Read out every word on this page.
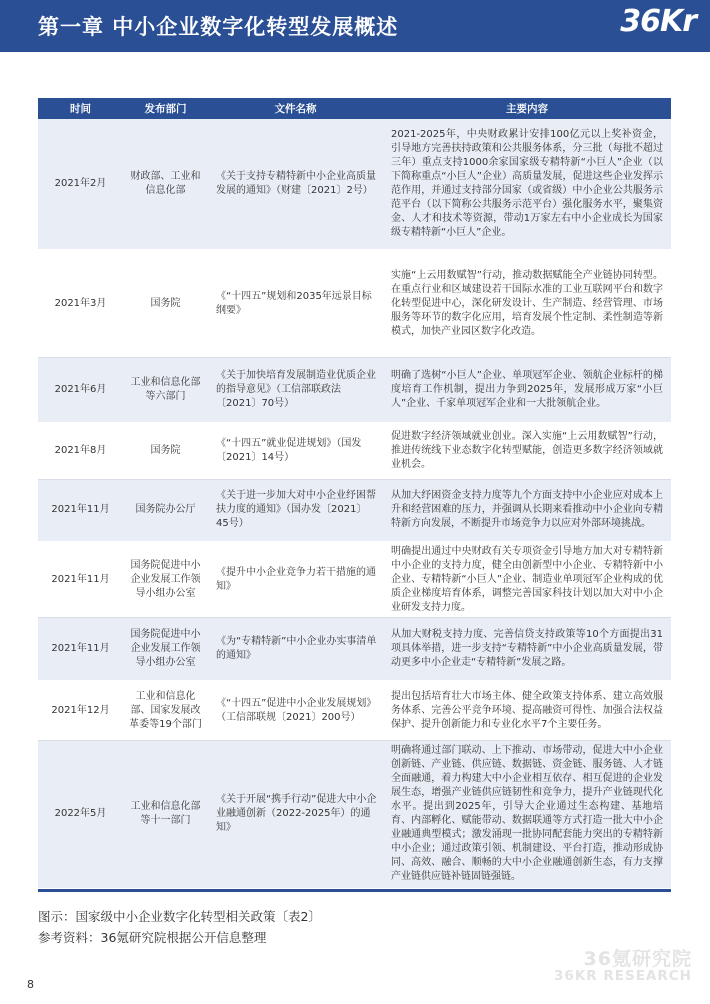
第一章 中小企业数字化转型发展概述	36Kr
时间	发布部门	文件名称	主要内容
2021年2月	财政部、工业和信息化部	《关于支持专精特新中小企业高质量发展的通知》（财建〔2021〕2号）	2021-2025年，中央财政累计安排100亿元以上奖补资金，引导地方完善扶持政策和公共服务体系，分三批（每批不超过三年）重点支持1000余家国家级专精特新“小巨人”企业（以下简称重点“小巨人”企业）高质量发展，促进这些企业发挥示范作用，并通过支持部分国家（或省级）中小企业公共服务示范平台（以下简称公共服务示范平台）强化服务水平，聚集资金、人才和技术等资源，带动1万家左右中小企业成长为国家级专精特新“小巨人”企业。
2021年3月	国务院	《“十四五”规划和2035年远景目标纲要》	实施“上云用数赋智”行动，推动数据赋能全产业链协同转型。在重点行业和区域建设若干国际水准的工业互联网平台和数字化转型促进中心，深化研发设计、生产制造、经营管理、市场服务等环节的数字化应用，培育发展个性定制、柔性制造等新模式，加快产业园区数字化改造。
2021年6月	工业和信息化部等六部门	《关于加快培育发展制造业优质企业的指导意见》（工信部联政法〔2021〕70号）	明确了选树“小巨人”企业、单项冠军企业、领航企业标杆的梯度培育工作机制，提出力争到2025年，发展形成万家“小巨人”企业、千家单项冠军企业和一大批领航企业。
2021年8月	国务院	《“十四五”就业促进规划》（国发〔2021〕14号）	促进数字经济领域就业创业。深入实施“上云用数赋智”行动，推进传统线下业态数字化转型赋能，创造更多数字经济领域就业机会。
2021年11月	国务院办公厅	《关于进一步加大对中小企业纾困帮扶力度的通知》（国办发〔2021〕45号）	从加大纾困资金支持力度等九个方面支持中小企业应对成本上升和经营困难的压力，并强调从长期来看推动中小企业向专精特新方向发展，不断提升市场竞争力以应对外部环境挑战。
2021年11月	国务院促进中小企业发展工作领导小组办公室	《提升中小企业竞争力若干措施的通知》	明确提出通过中央财政有关专项资金引导地方加大对专精特新中小企业的支持力度，健全由创新型中小企业、专精特新中小企业、专精特新“小巨人”企业、制造业单项冠军企业构成的优质企业梯度培育体系，调整完善国家科技计划以加大对中小企业研发支持力度。
2021年11月	国务院促进中小企业发展工作领导小组办公室	《为“专精特新”中小企业办实事清单的通知》	从加大财税支持力度、完善信贷支持政策等10个方面提出31项具体举措，进一步支持“专精特新”中小企业高质量发展，带动更多中小企业走“专精特新”发展之路。
2021年12月	工业和信息化部、国家发展改革委等19个部门	《“十四五”促进中小企业发展规划》（工信部联规〔2021〕200号）	提出包括培育壮大市场主体、健全政策支持体系、建立高效服务体系、完善公平竞争环境、提高融资可得性、加强合法权益保护、提升创新能力和专业化水平7个主要任务。
2022年5月	工业和信息化部等十一部门	《关于开展“携手行动”促进大中小企业融通创新（2022-2025年）的通知》	明确将通过部门联动、上下推动、市场带动，促进大中小企业创新链、产业链、供应链、数据链、资金链、服务链、人才链全面融通，着力构建大中小企业相互依存、相互促进的企业发展生态，增强产业链供应链韧性和竞争力，提升产业链现代化水平。提出到2025年，引导大企业通过生态构建、基地培育、内部孵化、赋能带动、数据联通等方式打造一批大中小企业融通典型模式；激发涌现一批协同配套能力突出的专精特新中小企业；通过政策引领、机制建设、平台打造，推动形成协同、高效、融合、顺畅的大中小企业融通创新生态，有力支撑产业链供应链补链固链强链。
图示：国家级中小企业数字化转型相关政策〔表2〕
参考资料：36氪研究院根据公开信息整理
36氪研究院
36KR RESEARCH
8
